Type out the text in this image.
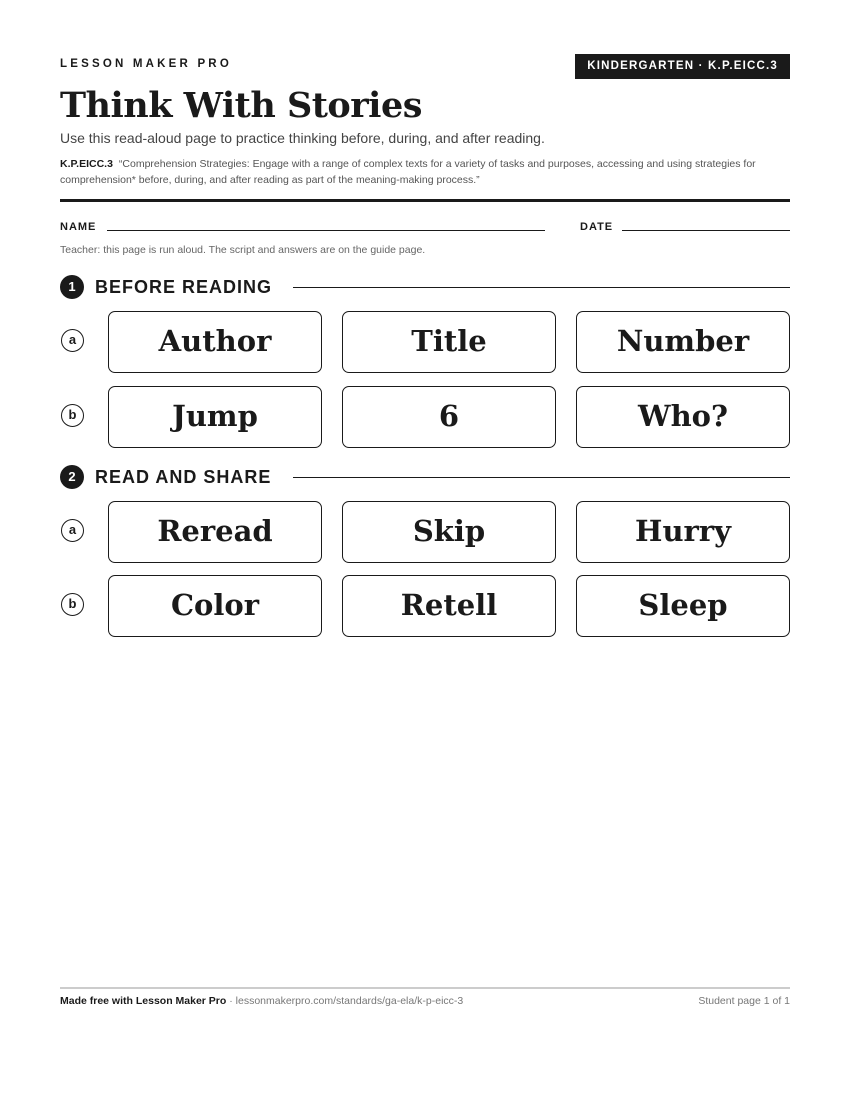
LESSON MAKER PRO	KINDERGARTEN · K.P.EICC.3
Think With Stories
Use this read-aloud page to practice thinking before, during, and after reading.
K.P.EICC.3 “Comprehension Strategies: Engage with a range of complex texts for a variety of tasks and purposes, accessing and using strategies for comprehension* before, during, and after reading as part of the meaning-making process.”
NAME	DATE
Teacher: this page is run aloud. The script and answers are on the guide page.
1	BEFORE READING
a	Author	Title	Number
b	Jump	6	Who?
2	READ AND SHARE
a	Reread	Skip	Hurry
b	Color	Retell	Sleep
Made free with Lesson Maker Pro · lessonmakerpro.com/standards/ga-ela/k-p-eicc-3	Student page 1 of 1
